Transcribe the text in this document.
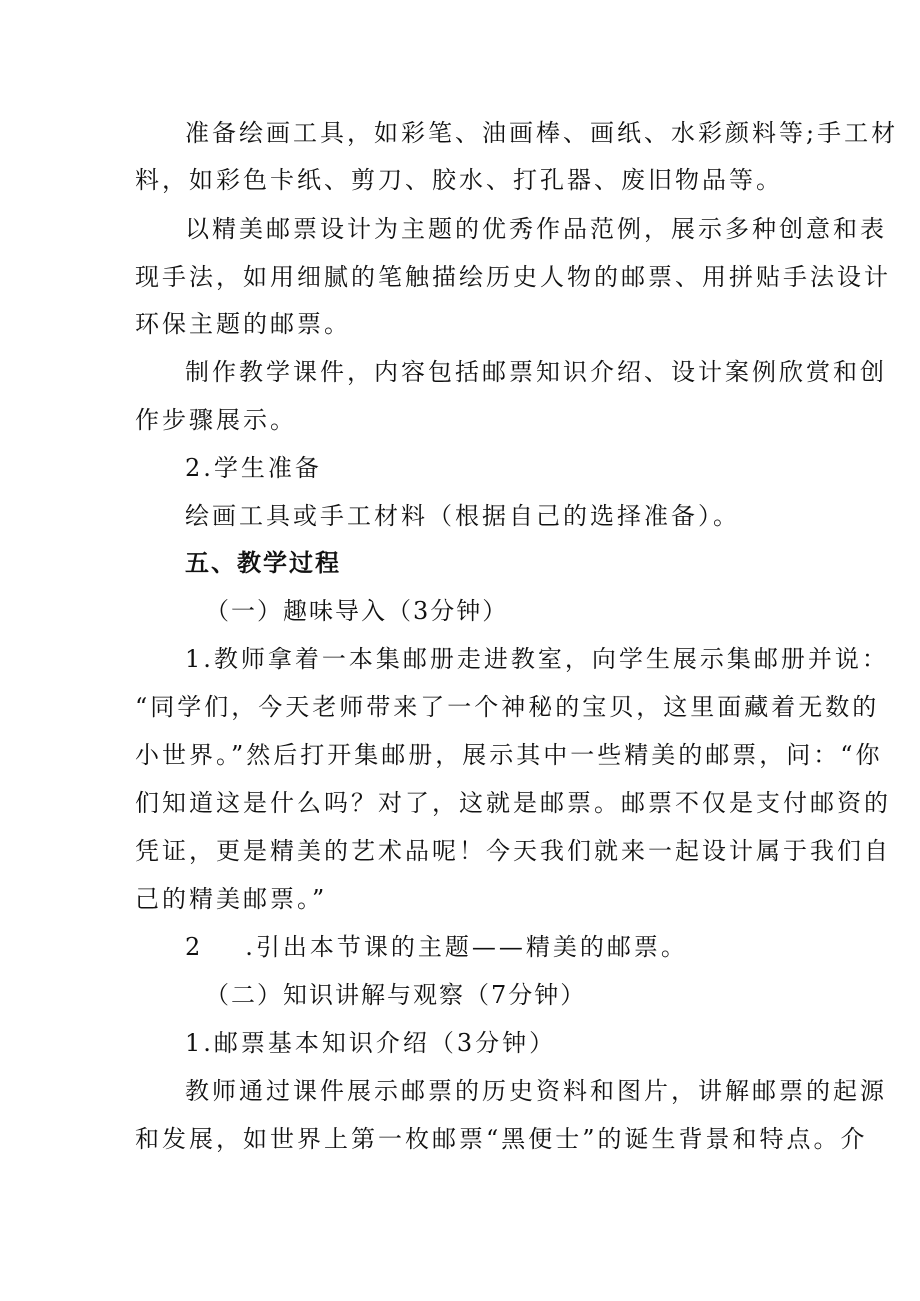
准备绘画工具，如彩笔、油画棒、画纸、水彩颜料等;手工材
料，如彩色卡纸、剪刀、胶水、打孔器、废旧物品等。
以精美邮票设计为主题的优秀作品范例，展示多种创意和表
现手法，如用细腻的笔触描绘历史人物的邮票、用拼贴手法设计
环保主题的邮票。
制作教学课件，内容包括邮票知识介绍、设计案例欣赏和创
作步骤展示。
2.学生准备
绘画工具或手工材料（根据自己的选择准备）。
五、教学过程
（一）趣味导入（3分钟）
1.教师拿着一本集邮册走进教室，向学生展示集邮册并说：
“同学们，今天老师带来了一个神秘的宝贝，这里面藏着无数的
小世界。”然后打开集邮册，展示其中一些精美的邮票，问：“你
们知道这是什么吗？对了，这就是邮票。邮票不仅是支付邮资的
凭证，更是精美的艺术品呢！今天我们就来一起设计属于我们自
己的精美邮票。”
2 .引出本节课的主题——精美的邮票。
（二）知识讲解与观察（7分钟）
1.邮票基本知识介绍（3分钟）
教师通过课件展示邮票的历史资料和图片，讲解邮票的起源
和发展，如世界上第一枚邮票“黑便士”的诞生背景和特点。介
